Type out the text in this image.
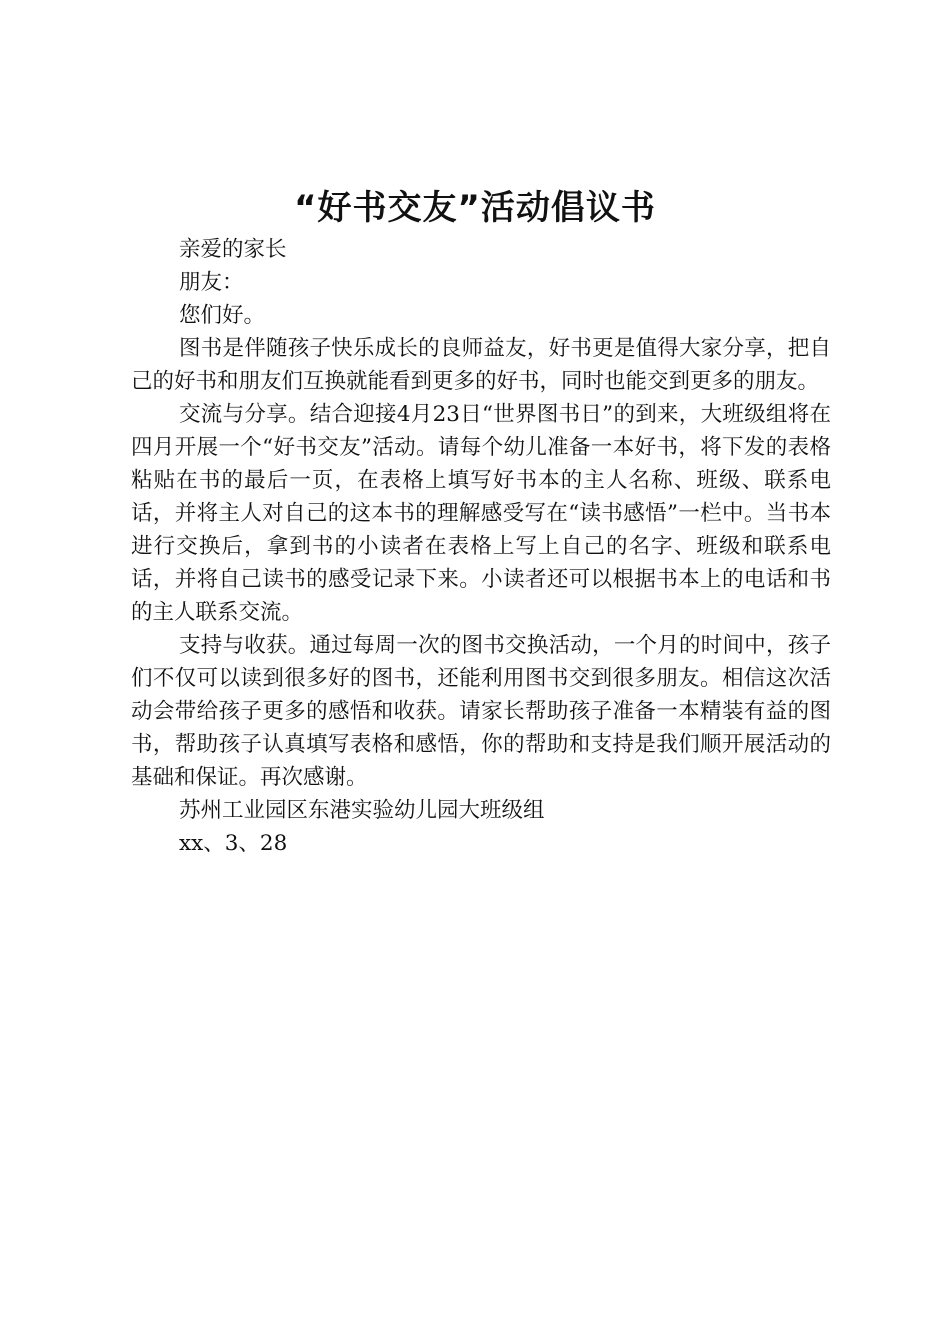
“好书交友”活动倡议书

亲爱的家长

朋友：

您们好。

图书是伴随孩子快乐成长的良师益友，好书更是值得大家分享，把自己的好书和朋友们互换就能看到更多的好书，同时也能交到更多的朋友。

交流与分享。结合迎接4月23日“世界图书日”的到来，大班级组将在四月开展一个“好书交友”活动。请每个幼儿准备一本好书，将下发的表格粘贴在书的最后一页，在表格上填写好书本的主人名称、班级、联系电话，并将主人对自己的这本书的理解感受写在“读书感悟”一栏中。当书本进行交换后，拿到书的小读者在表格上写上自己的名字、班级和联系电话，并将自己读书的感受记录下来。小读者还可以根据书本上的电话和书的主人联系交流。

支持与收获。通过每周一次的图书交换活动，一个月的时间中，孩子们不仅可以读到很多好的图书，还能利用图书交到很多朋友。相信这次活动会带给孩子更多的感悟和收获。请家长帮助孩子准备一本精装有益的图书，帮助孩子认真填写表格和感悟，你的帮助和支持是我们顺开展活动的基础和保证。再次感谢。

苏州工业园区东港实验幼儿园大班级组

xx、3、28
